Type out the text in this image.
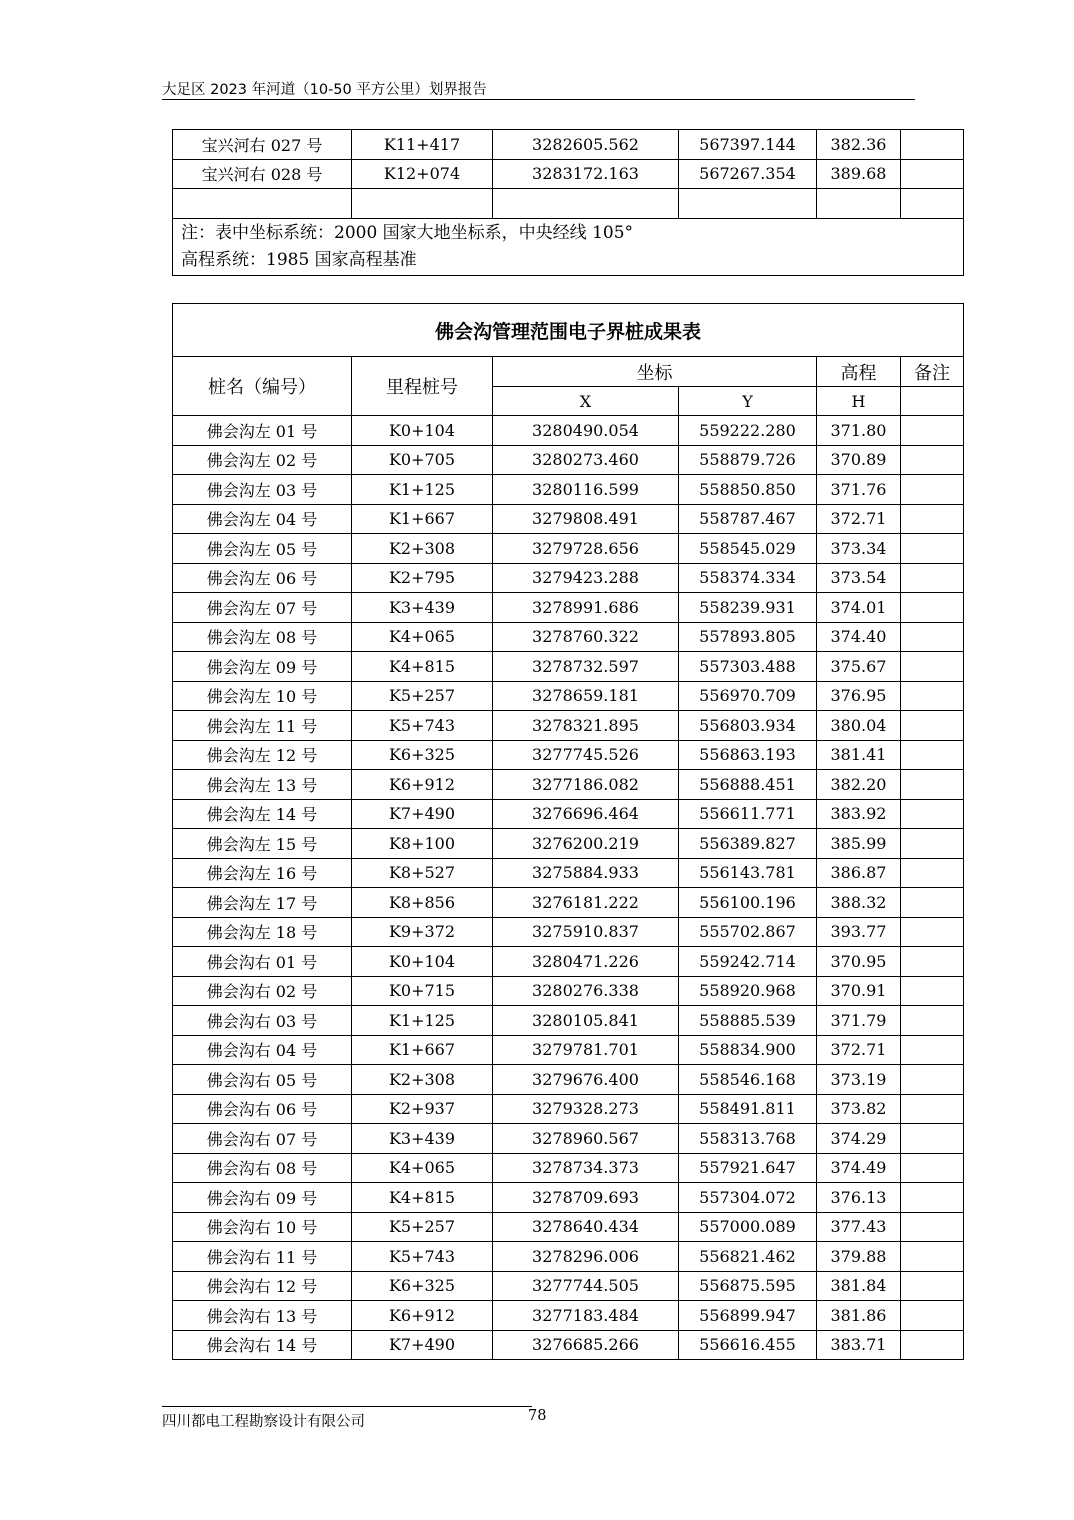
大足区 2023 年河道（10-50 平方公里）划界报告
宝兴河右 027 号	K11+417	3282605.562	567397.144	382.36	
宝兴河右 028 号	K12+074	3283172.163	567267.354	389.68	

注：表中坐标系统：2000 国家大地坐标系，中央经线 105°
高程系统：1985 国家高程基准					
佛会沟管理范围电子界桩成果表					
桩名（编号）	里程桩号	坐标		高程	备注
		X	Y	H	
佛会沟左 01 号	K0+104	3280490.054	559222.280	371.80	
佛会沟左 02 号	K0+705	3280273.460	558879.726	370.89	
佛会沟左 03 号	K1+125	3280116.599	558850.850	371.76	
佛会沟左 04 号	K1+667	3279808.491	558787.467	372.71	
佛会沟左 05 号	K2+308	3279728.656	558545.029	373.34	
佛会沟左 06 号	K2+795	3279423.288	558374.334	373.54	
佛会沟左 07 号	K3+439	3278991.686	558239.931	374.01	
佛会沟左 08 号	K4+065	3278760.322	557893.805	374.40	
佛会沟左 09 号	K4+815	3278732.597	557303.488	375.67	
佛会沟左 10 号	K5+257	3278659.181	556970.709	376.95	
佛会沟左 11 号	K5+743	3278321.895	556803.934	380.04	
佛会沟左 12 号	K6+325	3277745.526	556863.193	381.41	
佛会沟左 13 号	K6+912	3277186.082	556888.451	382.20	
佛会沟左 14 号	K7+490	3276696.464	556611.771	383.92	
佛会沟左 15 号	K8+100	3276200.219	556389.827	385.99	
佛会沟左 16 号	K8+527	3275884.933	556143.781	386.87	
佛会沟左 17 号	K8+856	3276181.222	556100.196	388.32	
佛会沟左 18 号	K9+372	3275910.837	555702.867	393.77	
佛会沟右 01 号	K0+104	3280471.226	559242.714	370.95	
佛会沟右 02 号	K0+715	3280276.338	558920.968	370.91	
佛会沟右 03 号	K1+125	3280105.841	558885.539	371.79	
佛会沟右 04 号	K1+667	3279781.701	558834.900	372.71	
佛会沟右 05 号	K2+308	3279676.400	558546.168	373.19	
佛会沟右 06 号	K2+937	3279328.273	558491.811	373.82	
佛会沟右 07 号	K3+439	3278960.567	558313.768	374.29	
佛会沟右 08 号	K4+065	3278734.373	557921.647	374.49	
佛会沟右 09 号	K4+815	3278709.693	557304.072	376.13	
佛会沟右 10 号	K5+257	3278640.434	557000.089	377.43	
佛会沟右 11 号	K5+743	3278296.006	556821.462	379.88	
佛会沟右 12 号	K6+325	3277744.505	556875.595	381.84	
佛会沟右 13 号	K6+912	3277183.484	556899.947	381.86	
佛会沟右 14 号	K7+490	3276685.266	556616.455	383.71	
四川都电工程勘察设计有限公司	78
